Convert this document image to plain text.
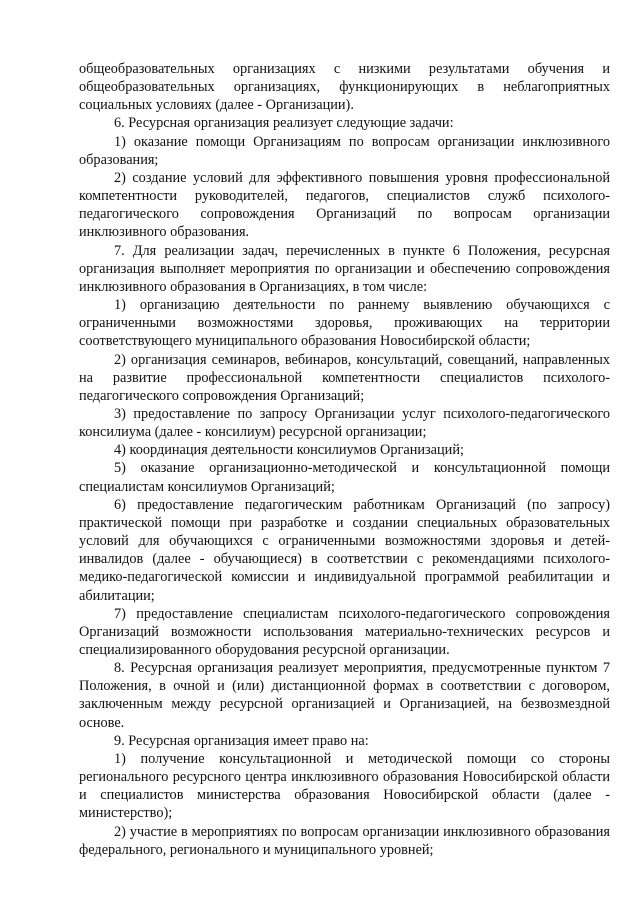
общеобразовательных организациях с низкими результатами обучения и общеобразовательных организациях, функционирующих в неблагоприятных социальных условиях (далее - Организации).

6. Ресурсная организация реализует следующие задачи:

1) оказание помощи Организациям по вопросам организации инклюзивного образования;

2) создание условий для эффективного повышения уровня профессиональной компетентности руководителей, педагогов, специалистов служб психолого-педагогического сопровождения Организаций по вопросам организации инклюзивного образования.

7. Для реализации задач, перечисленных в пункте 6 Положения, ресурсная организация выполняет мероприятия по организации и обеспечению сопровождения инклюзивного образования в Организациях, в том числе:

1) организацию деятельности по раннему выявлению обучающихся с ограниченными возможностями здоровья, проживающих на территории соответствующего муниципального образования Новосибирской области;

2) организация семинаров, вебинаров, консультаций, совещаний, направленных на развитие профессиональной компетентности специалистов психолого-педагогического сопровождения Организаций;

3) предоставление по запросу Организации услуг психолого-педагогического консилиума (далее - консилиум) ресурсной организации;

4) координация деятельности консилиумов Организаций;

5) оказание организационно-методической и консультационной помощи специалистам консилиумов Организаций;

6) предоставление педагогическим работникам Организаций (по запросу) практической помощи при разработке и создании специальных образовательных условий для обучающихся с ограниченными возможностями здоровья и детей-инвалидов (далее - обучающиеся) в соответствии с рекомендациями психолого-медико-педагогической комиссии и индивидуальной программой реабилитации и абилитации;

7) предоставление специалистам психолого-педагогического сопровождения Организаций возможности использования материально-технических ресурсов и специализированного оборудования ресурсной организации.

8. Ресурсная организация реализует мероприятия, предусмотренные пунктом 7 Положения, в очной и (или) дистанционной формах в соответствии с договором, заключенным между ресурсной организацией и Организацией, на безвозмездной основе.

9. Ресурсная организация имеет право на:

1) получение консультационной и методической помощи со стороны регионального ресурсного центра инклюзивного образования Новосибирской области и специалистов министерства образования Новосибирской области (далее - министерство);

2) участие в мероприятиях по вопросам организации инклюзивного образования федерального, регионального и муниципального уровней;
